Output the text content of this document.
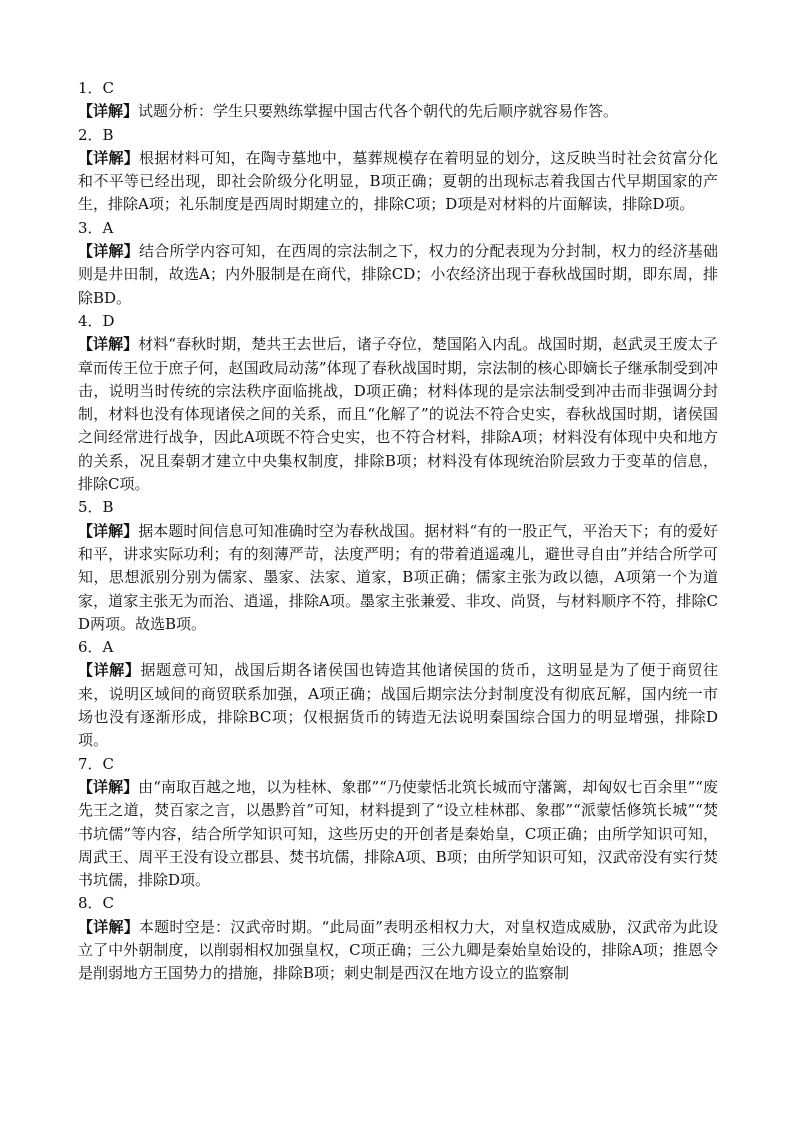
1．C

【详解】试题分析：学生只要熟练掌握中国古代各个朝代的先后顺序就容易作答。

2．B

【详解】根据材料可知，在陶寺墓地中，墓葬规模存在着明显的划分，这反映当时社会贫富分化和不平等已经出现，即社会阶级分化明显，B项正确；夏朝的出现标志着我国古代早期国家的产生，排除A项；礼乐制度是西周时期建立的，排除C项；D项是对材料的片面解读，排除D项。

3．A

【详解】结合所学内容可知，在西周的宗法制之下，权力的分配表现为分封制，权力的经济基础则是井田制，故选A；内外服制是在商代，排除CD；小农经济出现于春秋战国时期，即东周，排除BD。

4．D

【详解】材料“春秋时期，楚共王去世后，诸子夺位，楚国陷入内乱。战国时期，赵武灵王废太子章而传王位于庶子何，赵国政局动荡”体现了春秋战国时期，宗法制的核心即嫡长子继承制受到冲击，说明当时传统的宗法秩序面临挑战，D项正确；材料体现的是宗法制受到冲击而非强调分封制，材料也没有体现诸侯之间的关系，而且“化解了”的说法不符合史实，春秋战国时期，诸侯国之间经常进行战争，因此A项既不符合史实，也不符合材料，排除A项；材料没有体现中央和地方的关系，况且秦朝才建立中央集权制度，排除B项；材料没有体现统治阶层致力于变革的信息，排除C项。

5．B

【详解】据本题时间信息可知准确时空为春秋战国。据材料“有的一股正气，平治天下；有的爱好和平，讲求实际功利；有的刻薄严苛，法度严明；有的带着逍遥魂儿，避世寻自由”并结合所学可知，思想派别分别为儒家、墨家、法家、道家，B项正确；儒家主张为政以德，A项第一个为道家，道家主张无为而治、逍遥，排除A项。墨家主张兼爱、非攻、尚贤，与材料顺序不符，排除CD两项。故选B项。

6．A

【详解】据题意可知，战国后期各诸侯国也铸造其他诸侯国的货币，这明显是为了便于商贸往来，说明区域间的商贸联系加强，A项正确；战国后期宗法分封制度没有彻底瓦解，国内统一市场也没有逐渐形成，排除BC项；仅根据货币的铸造无法说明秦国综合国力的明显增强，排除D项。

7．C

【详解】由“南取百越之地，以为桂林、象郡”“乃使蒙恬北筑长城而守藩篱，却匈奴七百余里”“废先王之道，焚百家之言，以愚黔首”可知，材料提到了“设立桂林郡、象郡”“派蒙恬修筑长城”“焚书坑儒”等内容，结合所学知识可知，这些历史的开创者是秦始皇，C项正确；由所学知识可知，周武王、周平王没有设立郡县、焚书坑儒，排除A项、B项；由所学知识可知，汉武帝没有实行焚书坑儒，排除D项。

8．C

【详解】本题时空是：汉武帝时期。“此局面”表明丞相权力大，对皇权造成威胁，汉武帝为此设立了中外朝制度，以削弱相权加强皇权，C项正确；三公九卿是秦始皇始设的，排除A项；推恩令是削弱地方王国势力的措施，排除B项；刺史制是西汉在地方设立的监察制
